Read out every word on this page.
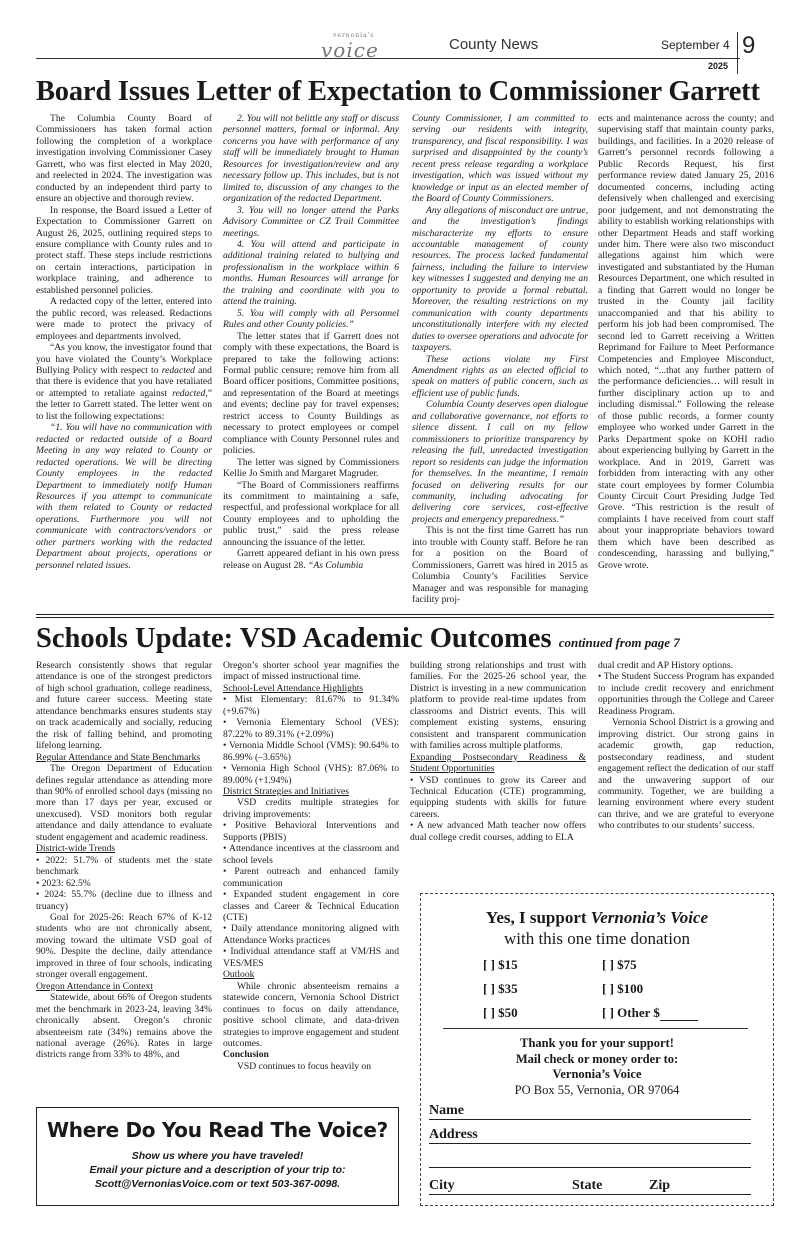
vernonia's
voice	County News	September 4
2025
9
Board Issues Letter of Expectation to Commissioner Garrett

The Columbia County Board of Commissioners has taken formal action following the completion of a workplace investigation involving Commissioner Casey Garrett, who was first elected in May 2020, and reelected in 2024. The investigation was conducted by an independent third party to ensure an objective and thorough review.

In response, the Board issued a Letter of Expectation to Commissioner Garrett on August 26, 2025, outlining required steps to ensure compliance with County rules and to protect staff. These steps include restrictions on certain interactions, participation in workplace training, and adherence to established personnel policies.

A redacted copy of the letter, entered into the public record, was released. Redactions were made to protect the privacy of employees and departments involved.

“As you know, the investigator found that you have violated the County’s Workplace Bullying Policy with respect to redacted and that there is evidence that you have retaliated or attempted to retaliate against redacted,” the letter to Garrett stated. The letter went on to list the following expectations:

“1. You will have no communication with redacted or redacted outside of a Board Meeting in any way related to County or redacted operations. We will be directing County employees in the redacted Department to immediately notify Human Resources if you attempt to communicate with them related to County or redacted operations. Furthermore you will not communicate with contractors/vendors or other partners working with the redacted Department about projects, operations or personnel related issues.

2. You will not belittle any staff or discuss personnel matters, formal or informal. Any concerns you have with performance of any staff will be immediately brought to Human Resources for investigation/review and any necessary follow up. This includes, but is not limited to, discussion of any changes to the organization of the redacted Department.

3. You will no longer attend the Parks Advisory Committee or CZ Trail Committee meetings.

4. You will attend and participate in additional training related to bullying and professionalism in the workplace within 6 months. Human Resources will arrange for the training and coordinate with you to attend the training.

5. You will comply with all Personnel Rules and other County policies.”

The letter states that if Garrett does not comply with these expectations, the Board is prepared to take the following actions: Formal public censure; remove him from all Board officer positions, Committee positions, and representation of the Board at meetings and events; decline pay for travel expenses; restrict access to County Buildings as necessary to protect employees or compel compliance with County Personnel rules and policies.

The letter was signed by Commissioners Kellie Jo Smith and Margaret Magruder.

“The Board of Commissioners reaffirms its commitment to maintaining a safe, respectful, and professional workplace for all County employees and to upholding the public trust,” said the press release announcing the issuance of the letter.

Garrett appeared defiant in his own press release on August 28. “As Columbia

County Commissioner, I am committed to serving our residents with integrity, transparency, and fiscal responsibility. I was surprised and disappointed by the county’s recent press release regarding a workplace investigation, which was issued without my knowledge or input as an elected member of the Board of County Commissioners.

Any allegations of misconduct are untrue, and the investigation’s findings mischaracterize my efforts to ensure accountable management of county resources. The process lacked fundamental fairness, including the failure to interview key witnesses I suggested and denying me an opportunity to provide a formal rebuttal. Moreover, the resulting restrictions on my communication with county departments unconstitutionally interfere with my elected duties to oversee operations and advocate for taxpayers.

These actions violate my First Amendment rights as an elected official to speak on matters of public concern, such as efficient use of public funds.

Columbia County deserves open dialogue and collaborative governance, not efforts to silence dissent. I call on my fellow commissioners to prioritize transparency by releasing the full, unredacted investigation report so residents can judge the information for themselves. In the meantime, I remain focused on delivering results for our community, including advocating for delivering core services, cost-effective projects and emergency preparedness.”

This is not the first time Garrett has run into trouble with County staff. Before he ran for a position on the Board of Commissioners, Garrett was hired in 2015 as Columbia County’s Facilities Service Manager and was responsible for managing facility proj-

ects and maintenance across the county; and supervising staff that maintain county parks, buildings, and facilities. In a 2020 release of Garrett’s personnel records following a Public Records Request, his first performance review dated January 25, 2016 documented concerns, including acting defensively when challenged and exercising poor judgement, and not demonstrating the ability to establish working relationships with other Department Heads and staff working under him. There were also two misconduct allegations against him which were investigated and substantiated by the Human Resources Department, one which resulted in a finding that Garrett would no longer be trusted in the County jail facility unaccompanied and that his ability to perform his job had been compromised. The second led to Garrett receiving a Written Reprimand for Failure to Meet Performance Competencies and Employee Misconduct, which noted, “...that any further pattern of the performance deficiencies… will result in further disciplinary action up to and including dismissal.” Following the release of those public records, a former county employee who worked under Garrett in the Parks Department spoke on KOHI radio about experiencing bullying by Garrett in the workplace. And in 2019, Garrett was forbidden from interacting with any other state court employees by former Columbia County Circuit Court Presiding Judge Ted Grove. “This restriction is the result of complaints I have received from court staff about your inappropriate behaviors toward them which have been described as condescending, harassing and bullying,” Grove wrote.

Schools Update: VSD Academic Outcomes continued from page 7

Research consistently shows that regular attendance is one of the strongest predictors of high school graduation, college readiness, and future career success. Meeting state attendance benchmarks ensures students stay on track academically and socially, reducing the risk of falling behind, and promoting lifelong learning.

Regular Attendance and State Benchmarks

The Oregon Department of Education defines regular attendance as attending more than 90% of enrolled school days (missing no more than 17 days per year, excused or unexcused). VSD monitors both regular attendance and daily attendance to evaluate student engagement and academic readiness.

District-wide Trends

• 2022: 51.7% of students met the state benchmark

• 2023: 62.5%

• 2024: 55.7% (decline due to illness and truancy)

Goal for 2025-26: Reach 67% of K-12 students who are not chronically absent, moving toward the ultimate VSD goal of 90%. Despite the decline, daily attendance improved in three of four schools, indicating stronger overall engagement.

Oregon Attendance in Context

Statewide, about 66% of Oregon students met the benchmark in 2023-24, leaving 34% chronically absent. Oregon’s chronic absenteeism rate (34%) remains above the national average (26%). Rates in large districts range from 33% to 48%, and

Oregon’s shorter school year magnifies the impact of missed instructional time.

School-Level Attendance Highlights

• Mist Elementary: 81.67% to 91.34% (+9.67%)

• Vernonia Elementary School (VES): 87.22% to 89.31% (+2.09%)

• Vernonia Middle School (VMS): 90.64% to 86.99% (–3.65%)

• Vernonia High School (VHS): 87.06% to 89.00% (+1.94%)

District Strategies and Initiatives

VSD credits multiple strategies for driving improvements:

• Positive Behavioral Interventions and Supports (PBIS)

• Attendance incentives at the classroom and school levels

• Parent outreach and enhanced family communication

• Expanded student engagement in core classes and Career & Technical Education (CTE)

• Daily attendance monitoring aligned with Attendance Works practices

• Individual attendance staff at VM/HS and VES/MES

Outlook

While chronic absenteeism remains a statewide concern, Vernonia School District continues to focus on daily attendance, positive school climate, and data-driven strategies to improve engagement and student outcomes.

Conclusion

VSD continues to focus heavily on

building strong relationships and trust with families. For the 2025-26 school year, the District is investing in a new communication platform to provide real-time updates from classrooms and District events. This will complement existing systems, ensuring consistent and transparent communication with families across multiple platforms.

Expanding Postsecondary Readiness & Student Opportunities

• VSD continues to grow its Career and Technical Education (CTE) programming, equipping students with skills for future careers.

• A new advanced Math teacher now offers dual college credit courses, adding to ELA

dual credit and AP History options.

• The Student Success Program has expanded to include credit recovery and enrichment opportunities through the College and Career Readiness Program.

Vernonia School District is a growing and improving district. Our strong gains in academic growth, gap reduction, postsecondary readiness, and student engagement reflect the dedication of our staff and the unwavering support of our community. Together, we are building a learning environment where every student can thrive, and we are grateful to everyone who contributes to our students’ success.

Yes, I support Vernonia’s Voice
with this one time donation
[ ] $15	[ ] $75
[ ] $35	[ ] $100
[ ] $50	[ ] Other $
Thank you for your support!
Mail check or money order to:
Vernonia’s Voice
PO Box 55, Vernonia, OR 97064
Name
Address
City	State	Zip
Where Do You Read The Voice?
Show us where you have traveled!
Email your picture and a description of your trip to:
Scott@VernoniasVoice.com or text 503-367-0098.
